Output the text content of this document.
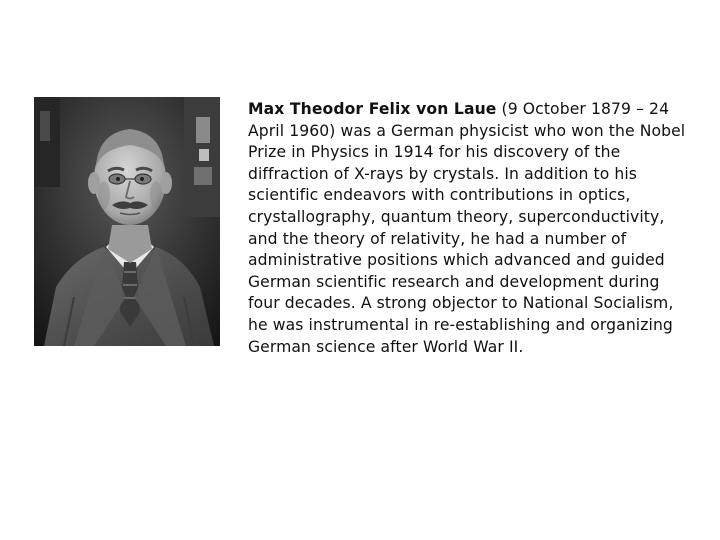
Max Theodor Felix von Laue (9 October 1879 – 24 April 1960) was a German physicist who won the Nobel Prize in Physics in 1914 for his discovery of the diffraction of X-rays by crystals. In addition to his scientific endeavors with contributions in optics, crystallography, quantum theory, superconductivity, and the theory of relativity, he had a number of administrative positions which advanced and guided German scientific research and development during four decades. A strong objector to National Socialism, he was instrumental in re-establishing and organizing German science after World War II.
